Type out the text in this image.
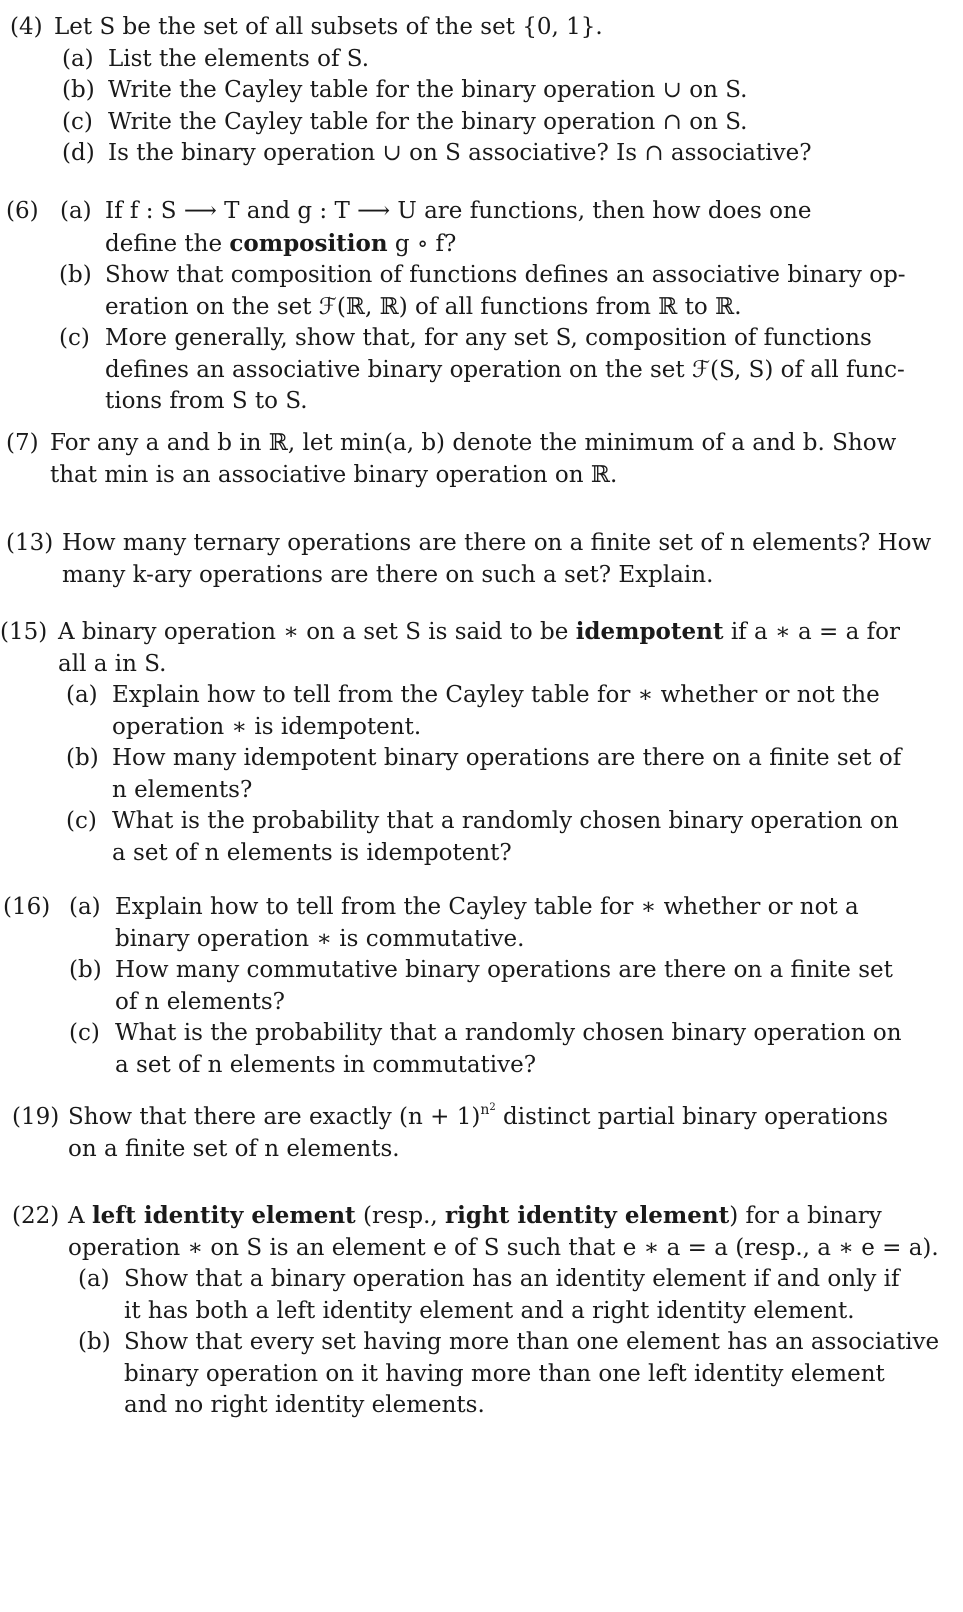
(4) Let S be the set of all subsets of the set {0, 1}.
(a) List the elements of S.
(b) Write the Cayley table for the binary operation ∪ on S.
(c) Write the Cayley table for the binary operation ∩ on S.
(d) Is the binary operation ∪ on S associative? Is ∩ associative?
(6) (a) If f : S ⟶ T and g : T ⟶ U are functions, then how does one
define the composition g ∘ f?
(b) Show that composition of functions defines an associative binary op-
eration on the set ℱ(ℝ, ℝ) of all functions from ℝ to ℝ.
(c) More generally, show that, for any set S, composition of functions
defines an associative binary operation on the set ℱ(S, S) of all func-
tions from S to S.
(7) For any a and b in ℝ, let min(a, b) denote the minimum of a and b. Show
that min is an associative binary operation on ℝ.
(13) How many ternary operations are there on a finite set of n elements? How
many k-ary operations are there on such a set? Explain.
(15) A binary operation ∗ on a set S is said to be idempotent if a ∗ a = a for
all a in S.
(a) Explain how to tell from the Cayley table for ∗ whether or not the
operation ∗ is idempotent.
(b) How many idempotent binary operations are there on a finite set of
n elements?
(c) What is the probability that a randomly chosen binary operation on
a set of n elements is idempotent?
(16) (a) Explain how to tell from the Cayley table for ∗ whether or not a
binary operation ∗ is commutative.
(b) How many commutative binary operations are there on a finite set
of n elements?
(c) What is the probability that a randomly chosen binary operation on
a set of n elements in commutative?
(19) Show that there are exactly $(n + 1)^{n^2}$ distinct partial binary operations
on a finite set of n elements.
(22) A left identity element (resp., right identity element) for a binary
operation ∗ on S is an element e of S such that e ∗ a = a (resp., a ∗ e = a).
(a) Show that a binary operation has an identity element if and only if
it has both a left identity element and a right identity element.
(b) Show that every set having more than one element has an associative
binary operation on it having more than one left identity element
and no right identity elements.
